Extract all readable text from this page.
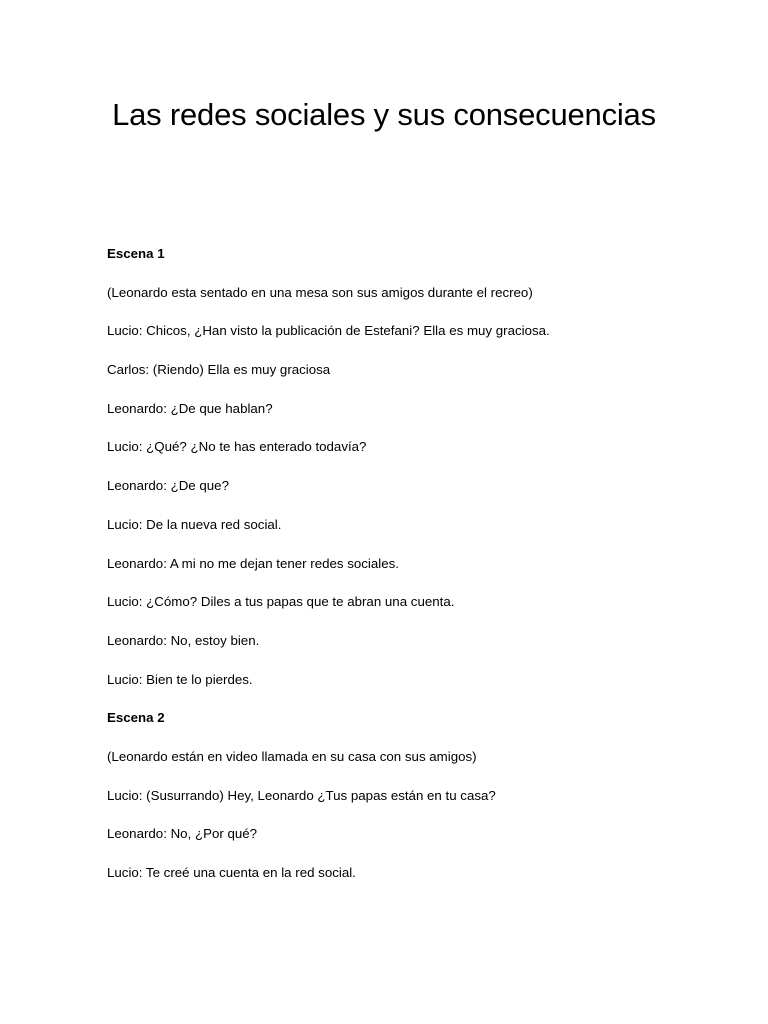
Las redes sociales y sus consecuencias

Escena 1

(Leonardo esta sentado en una mesa son sus amigos durante el recreo)

Lucio: Chicos, ¿Han visto la publicación de Estefani? Ella es muy graciosa.

Carlos: (Riendo) Ella es muy graciosa

Leonardo: ¿De que hablan?

Lucio: ¿Qué? ¿No te has enterado todavía?

Leonardo: ¿De que?

Lucio: De la nueva red social.

Leonardo: A mi no me dejan tener redes sociales.

Lucio: ¿Cómo? Diles a tus papas que te abran una cuenta.

Leonardo: No, estoy bien.

Lucio: Bien te lo pierdes.

Escena 2

(Leonardo están en video llamada en su casa con sus amigos)

Lucio: (Susurrando) Hey, Leonardo ¿Tus papas están en tu casa?

Leonardo: No, ¿Por qué?

Lucio: Te creé una cuenta en la red social.
